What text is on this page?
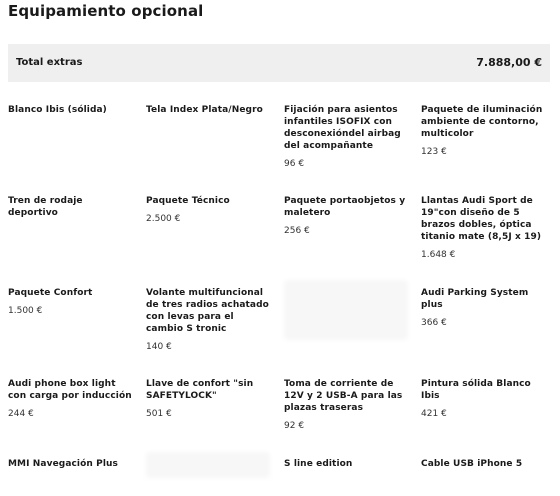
Equipamiento opcional
Total extras	7.888,00 €
Blanco Ibis (sólida)	Tela Index Plata/Negro	Fijación para asientos infantiles ISOFIX con desconexióndel airbag del acompañante
96 €
Paquete de iluminación ambiente de contorno, multicolor
123 €
Tren de rodaje deportivo
Paquete Técnico
2.500 €
Paquete portaobjetos y maletero
256 €
Llantas Audi Sport de 19"con diseño de 5 brazos dobles, óptica titanio mate (8,5J x 19)
1.648 €
Paquete Confort
1.500 €
Volante multifuncional de tres radios achatado con levas para el cambio S tronic
140 €
Audi Parking System plus
366 €
Audi phone box light con carga por inducción
244 €
Llave de confort "sin SAFETYLOCK"
501 €
Toma de corriente de 12V y 2 USB-A para las plazas traseras
92 €
Pintura sólida Blanco Ibis
421 €
MMI Navegación Plus	S line edition	Cable USB iPhone 5
